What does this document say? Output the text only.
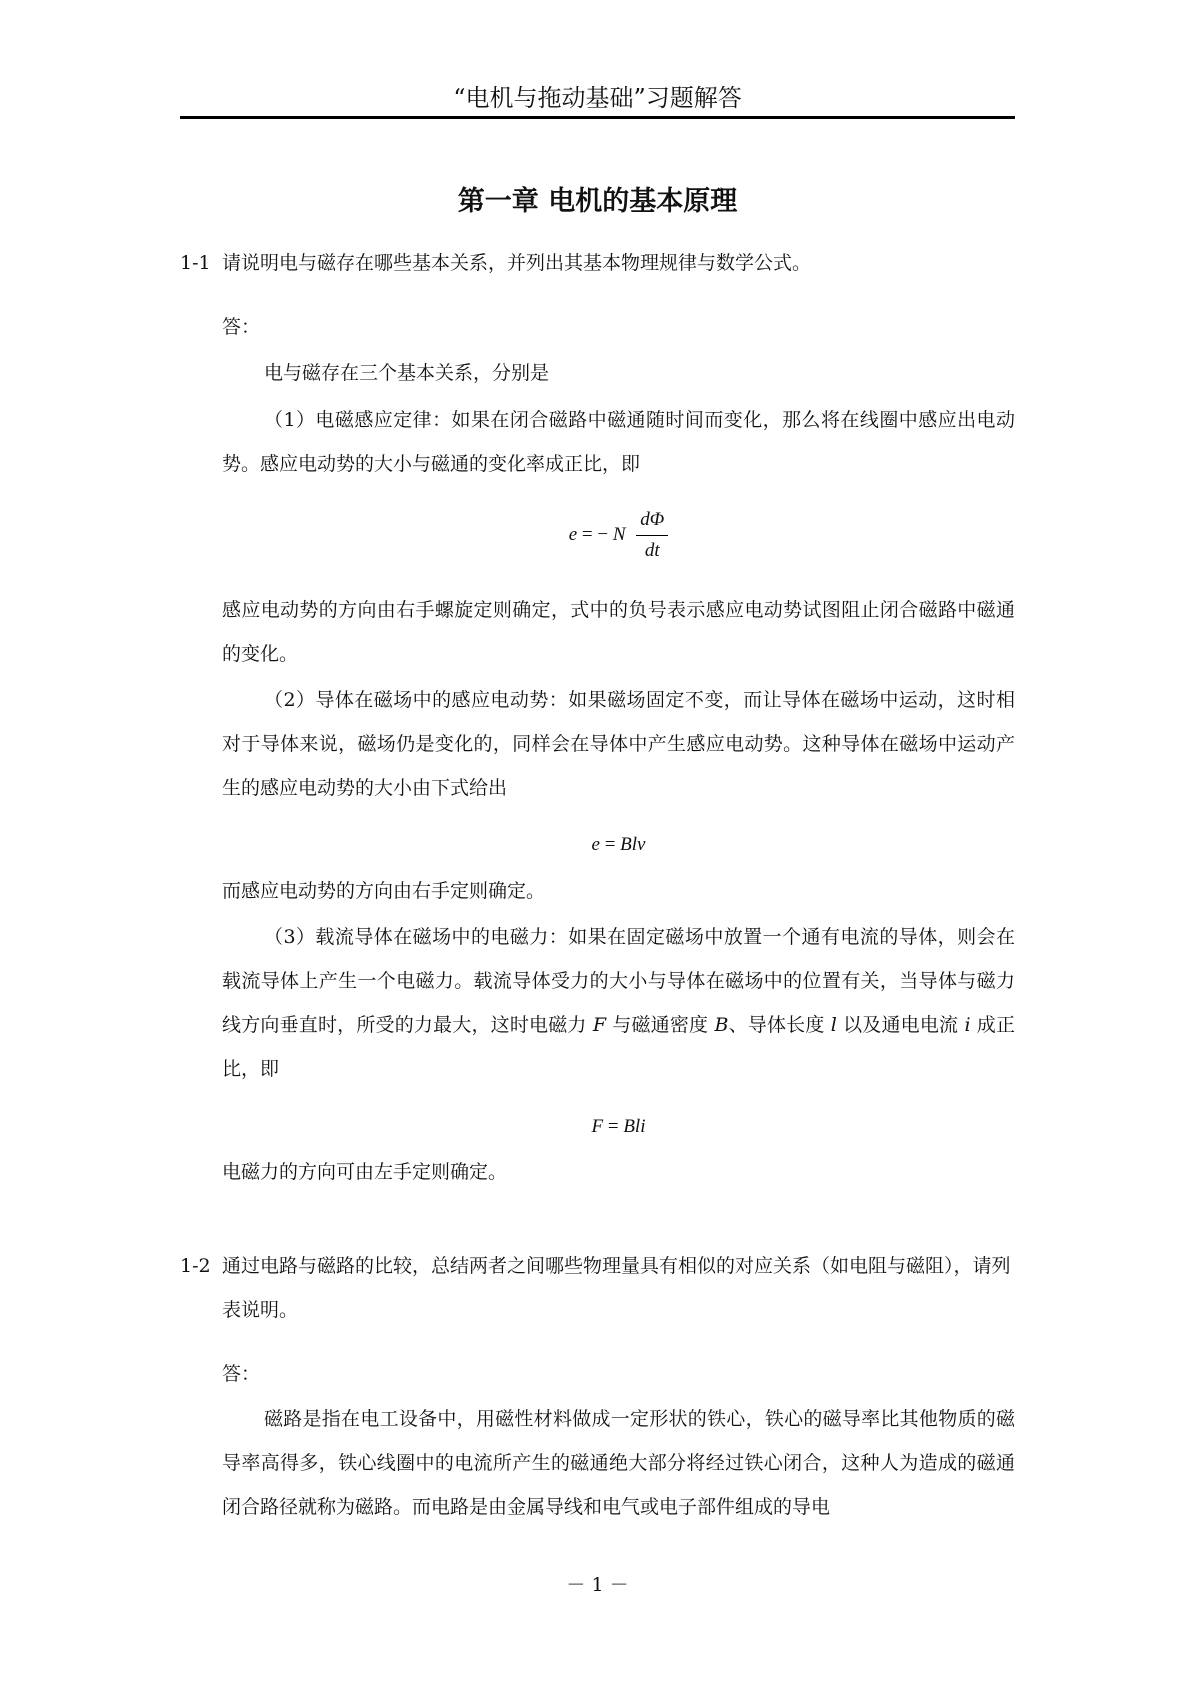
“电机与拖动基础”习题解答
第一章 电机的基本原理
1-1 请说明电与磁存在哪些基本关系，并列出其基本物理规律与数学公式。
答：
电与磁存在三个基本关系，分别是
（1）电磁感应定律：如果在闭合磁路中磁通随时间而变化，那么将在线圈中感应出电动势。感应电动势的大小与磁通的变化率成正比，即
e = − N $\frac{d\Phi}{dt}$
感应电动势的方向由右手螺旋定则确定，式中的负号表示感应电动势试图阻止闭合磁路中磁通的变化。
（2）导体在磁场中的感应电动势：如果磁场固定不变，而让导体在磁场中运动，这时相对于导体来说，磁场仍是变化的，同样会在导体中产生感应电动势。这种导体在磁场中运动产生的感应电动势的大小由下式给出
e = Blv
而感应电动势的方向由右手定则确定。
（3）载流导体在磁场中的电磁力：如果在固定磁场中放置一个通有电流的导体，则会在载流导体上产生一个电磁力。载流导体受力的大小与导体在磁场中的位置有关，当导体与磁力线方向垂直时，所受的力最大，这时电磁力 F 与磁通密度 B、导体长度 l 以及通电电流 i 成正比，即
F = Bli
电磁力的方向可由左手定则确定。
1-2 通过电路与磁路的比较，总结两者之间哪些物理量具有相似的对应关系（如电阻与磁阻），请列表说明。
答：
磁路是指在电工设备中，用磁性材料做成一定形状的铁心，铁心的磁导率比其他物质的磁导率高得多，铁心线圈中的电流所产生的磁通绝大部分将经过铁心闭合，这种人为造成的磁通闭合路径就称为磁路。而电路是由金属导线和电气或电子部件组成的导电
－ 1 －
